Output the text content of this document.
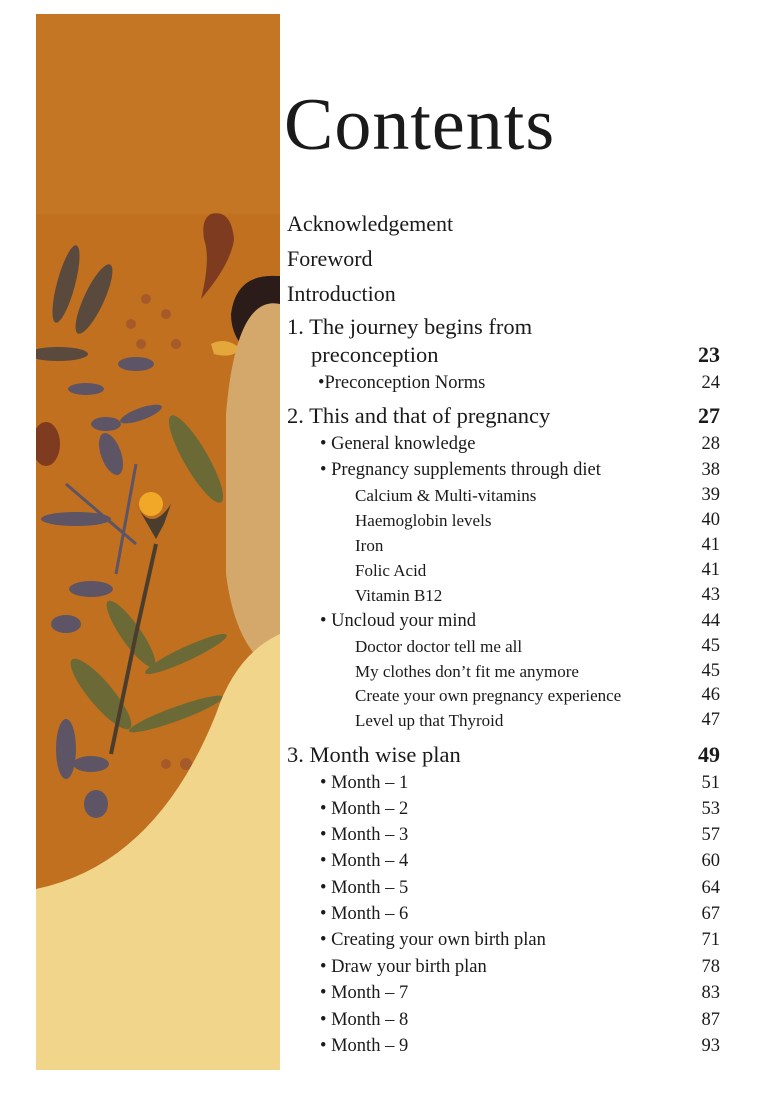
Contents
Acknowledgement
Foreword
Introduction
1. The journey begins from
preconception	23
•Preconception Norms	24
2. This and that of pregnancy	27
• General knowledge	28
• Pregnancy supplements through diet	38
Calcium & Multi-vitamins	39
Haemoglobin levels	40
Iron	41
Folic Acid	41
Vitamin B12	43
• Uncloud your mind	44
Doctor doctor tell me all	45
My clothes don’t fit me anymore	45
Create your own pregnancy experience	46
Level up that Thyroid	47
3. Month wise plan	49
• Month – 1	51
• Month – 2	53
• Month – 3	57
• Month – 4	60
• Month – 5	64
• Month – 6	67
• Creating your own birth plan	71
• Draw your birth plan	78
• Month – 7	83
• Month – 8	87
• Month – 9	93
